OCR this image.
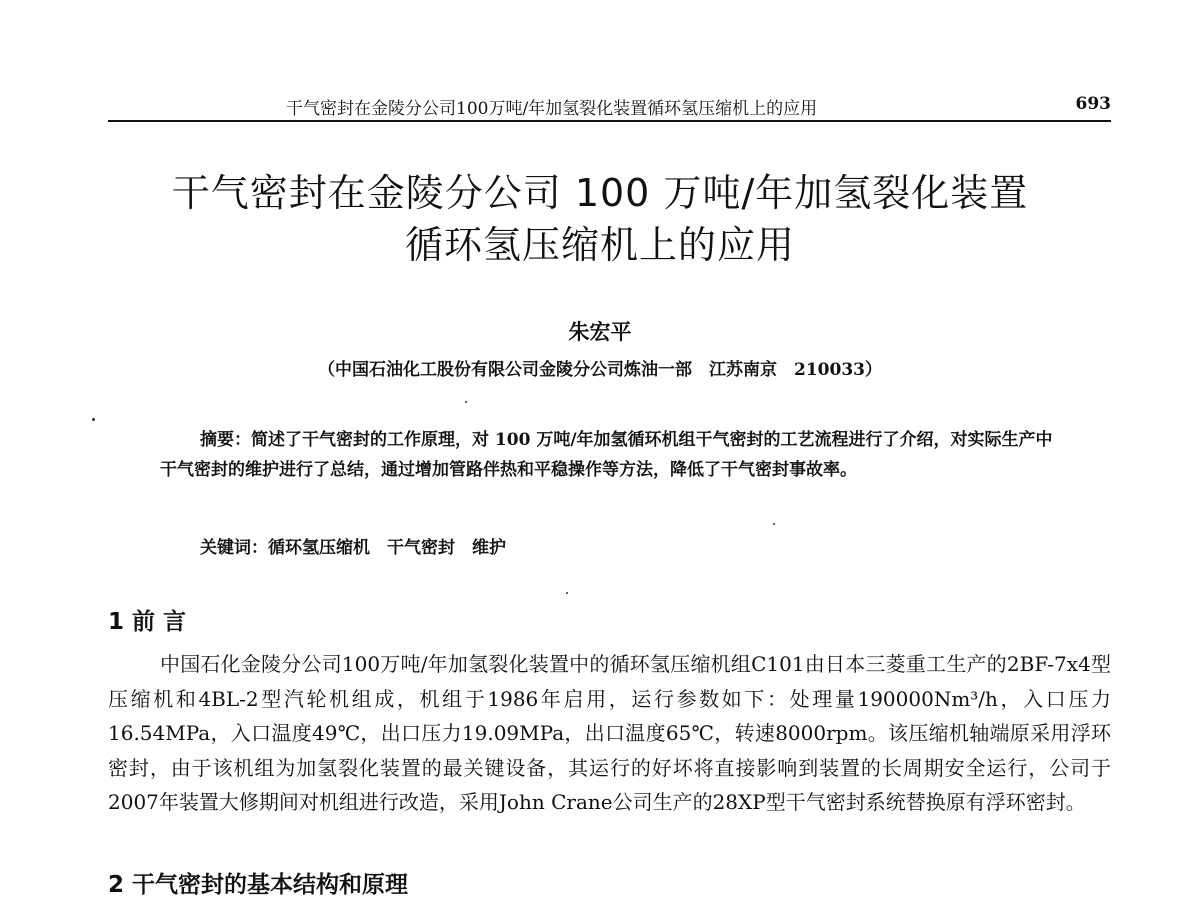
干气密封在金陵分公司100万吨/年加氢裂化装置循环氢压缩机上的应用	693
干气密封在金陵分公司 100 万吨/年加氢裂化装置
循环氢压缩机上的应用
朱宏平
（中国石油化工股份有限公司金陵分公司炼油一部　江苏南京　210033）
摘要：简述了干气密封的工作原理，对 100 万吨/年加氢循环机组干气密封的工艺流程进行了介绍，对实际生产中干气密封的维护进行了总结，通过增加管路伴热和平稳操作等方法，降低了干气密封事故率。
关键词：循环氢压缩机　干气密封　维护
1 前 言
中国石化金陵分公司100万吨/年加氢裂化装置中的循环氢压缩机组C101由日本三菱重工生产的2BF-7x4型压缩机和4BL-2型汽轮机组成，机组于1986年启用，运行参数如下：处理量190000Nm³/h，入口压力16.54MPa，入口温度49℃，出口压力19.09MPa，出口温度65℃，转速8000rpm。该压缩机轴端原采用浮环密封，由于该机组为加氢裂化装置的最关键设备，其运行的好坏将直接影响到装置的长周期安全运行，公司于2007年装置大修期间对机组进行改造，采用John Crane公司生产的28XP型干气密封系统替换原有浮环密封。
2 干气密封的基本结构和原理
